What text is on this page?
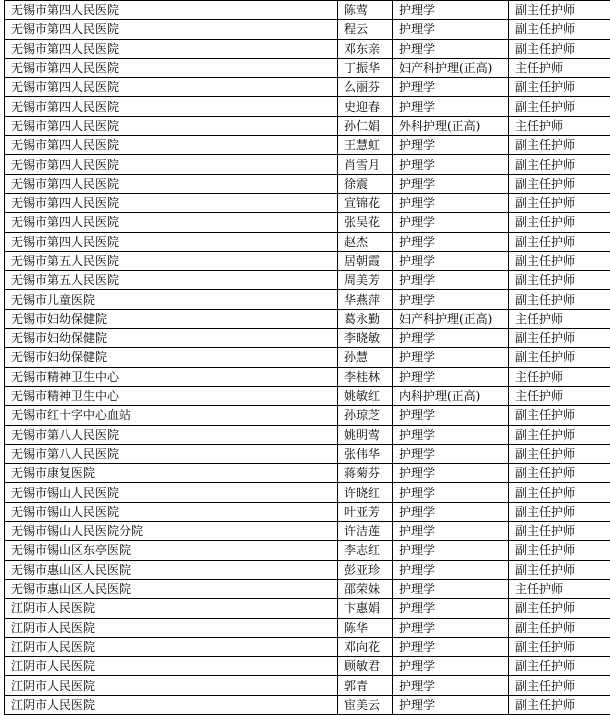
无锡市第四人民医院	陈莺	护理学	副主任护师
无锡市第四人民医院	程云	护理学	副主任护师
无锡市第四人民医院	邓东亲	护理学	副主任护师
无锡市第四人民医院	丁振华	妇产科护理(正高)	主任护师
无锡市第四人民医院	么丽芬	护理学	副主任护师
无锡市第四人民医院	史迎春	护理学	副主任护师
无锡市第四人民医院	孙仁娟	外科护理(正高)	主任护师
无锡市第四人民医院	王慧虹	护理学	副主任护师
无锡市第四人民医院	肖雪月	护理学	副主任护师
无锡市第四人民医院	徐震	护理学	副主任护师
无锡市第四人民医院	宣锦花	护理学	副主任护师
无锡市第四人民医院	张吴花	护理学	副主任护师
无锡市第四人民医院	赵杰	护理学	副主任护师
无锡市第五人民医院	居朝霞	护理学	副主任护师
无锡市第五人民医院	周美芳	护理学	副主任护师
无锡市儿童医院	华燕萍	护理学	副主任护师
无锡市妇幼保健院	葛永勤	妇产科护理(正高)	主任护师
无锡市妇幼保健院	李晓敏	护理学	副主任护师
无锡市妇幼保健院	孙慧	护理学	副主任护师
无锡市精神卫生中心	李桂林	护理学	主任护师
无锡市精神卫生中心	姚敏红	内科护理(正高)	主任护师
无锡市红十字中心血站	孙琼芝	护理学	副主任护师
无锡市第八人民医院	姚明莺	护理学	副主任护师
无锡市第八人民医院	张伟华	护理学	副主任护师
无锡市康复医院	蒋菊芬	护理学	副主任护师
无锡市锡山人民医院	许晓红	护理学	副主任护师
无锡市锡山人民医院	叶亚芳	护理学	副主任护师
无锡市锡山人民医院分院	许洁莲	护理学	副主任护师
无锡市锡山区东亭医院	李志红	护理学	副主任护师
无锡市惠山区人民医院	彭亚珍	护理学	副主任护师
无锡市惠山区人民医院	邵荣妹	护理学	主任护师
江阴市人民医院	卞惠娟	护理学	副主任护师
江阴市人民医院	陈华	护理学	副主任护师
江阴市人民医院	邓向花	护理学	副主任护师
江阴市人民医院	顾敏君	护理学	副主任护师
江阴市人民医院	郭青	护理学	副主任护师
江阴市人民医院	宦美云	护理学	副主任护师
